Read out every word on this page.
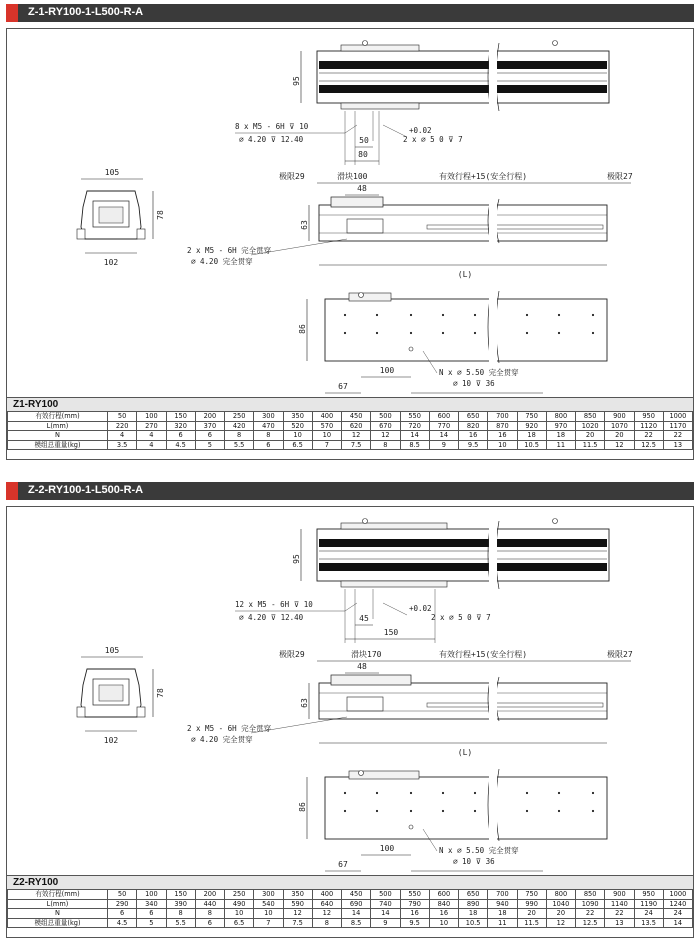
Z-1-RY100-1-L500-R-A
95
50
80
8 x M5 - 6H ⊽ 10
⌀ 4.20 ⊽ 12.40
+0.02
2 x ⌀ 5 0 ⊽ 7
105
78
102
极限29	滑块100	有效行程+15(安全行程)	极限27
48
63
2 x M5 - 6H 完全贯穿
⌀ 4.20 完全贯穿
(L)
86
100	N x ⌀ 5.50 完全贯穿
⌀ 10 ⊽ 36
67
Z1-RY100
有效行程(mm)	50	100	150	200	250	300	350	400	450	500	550	600	650	700	750	800	850	900	950	1000
L(mm)	220	270	320	370	420	470	520	570	620	670	720	770	820	870	920	970	1020	1070	1120	1170
N	4	4	6	6	8	8	10	10	12	12	14	14	16	16	18	18	20	20	22	22
模组总重量(kg)	3.5	4	4.5	5	5.5	6	6.5	7	7.5	8	8.5	9	9.5	10	10.5	11	11.5	12	12.5	13
Z-2-RY100-1-L500-R-A
95
45
150
12 x M5 - 6H ⊽ 10
⌀ 4.20 ⊽ 12.40
+0.02
2 x ⌀ 5 0 ⊽ 7
105
78
102
极限29	滑块170	有效行程+15(安全行程)	极限27
48
63
2 x M5 - 6H 完全贯穿
⌀ 4.20 完全贯穿
(L)
86
100	N x ⌀ 5.50 完全贯穿
⌀ 10 ⊽ 36
67
Z2-RY100
有效行程(mm)	50	100	150	200	250	300	350	400	450	500	550	600	650	700	750	800	850	900	950	1000
L(mm)	290	340	390	440	490	540	590	640	690	740	790	840	890	940	990	1040	1090	1140	1190	1240
N	6	6	8	8	10	10	12	12	14	14	16	16	18	18	20	20	22	22	24	24
模组总重量(kg)	4.5	5	5.5	6	6.5	7	7.5	8	8.5	9	9.5	10	10.5	11	11.5	12	12.5	13	13.5	14
